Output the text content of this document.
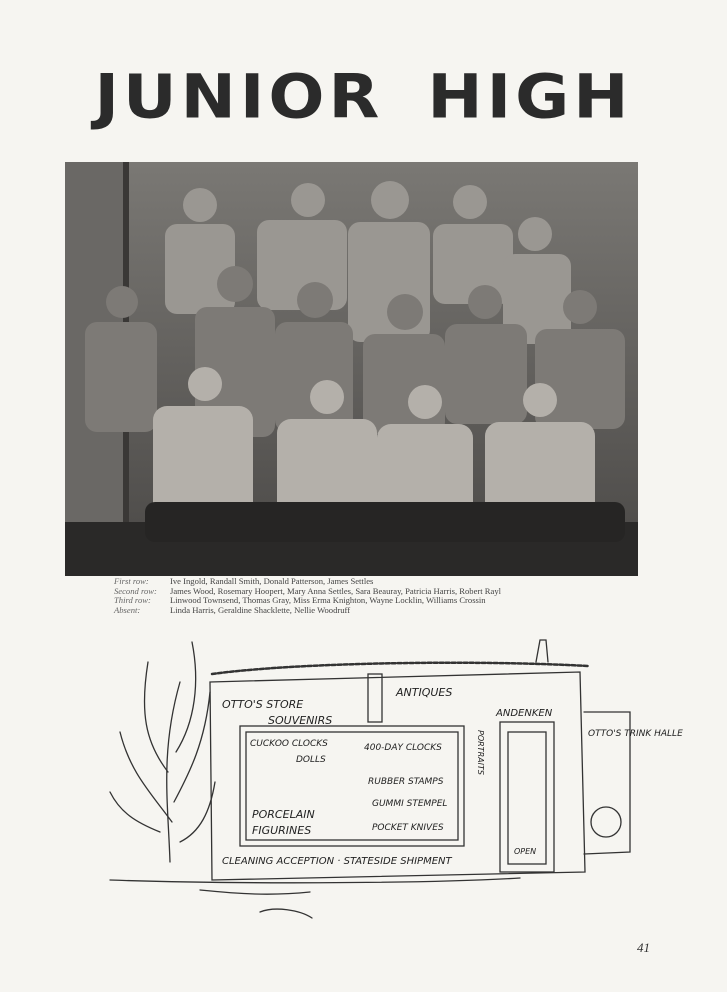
JUNIOR HIGH
First row:	Ive Ingold, Randall Smith, Donald Patterson, James Settles
Second row:	James Wood, Rosemary Hoopert, Mary Anna Settles, Sara Beauray, Patricia Harris, Robert Rayl
Third row:	Linwood Townsend, Thomas Gray, Miss Erma Knighton, Wayne Locklin, Williams Crossin
Absent:	Linda Harris, Geraldine Shacklette, Nellie Woodruff
OTTO'S STORE
ANTIQUES
SOUVENIRS
ANDENKEN
CUCKOO CLOCKS
DOLLS
400-DAY CLOCKS
RUBBER STAMPS
GUMMI STEMPEL
PORCELAIN
FIGURINES	POCKET KNIVES
PORTRAITS
OPEN
OTTO'S TRINK HALLE
CLEANING ACCEPTION · STATESIDE SHIPMENT
41
